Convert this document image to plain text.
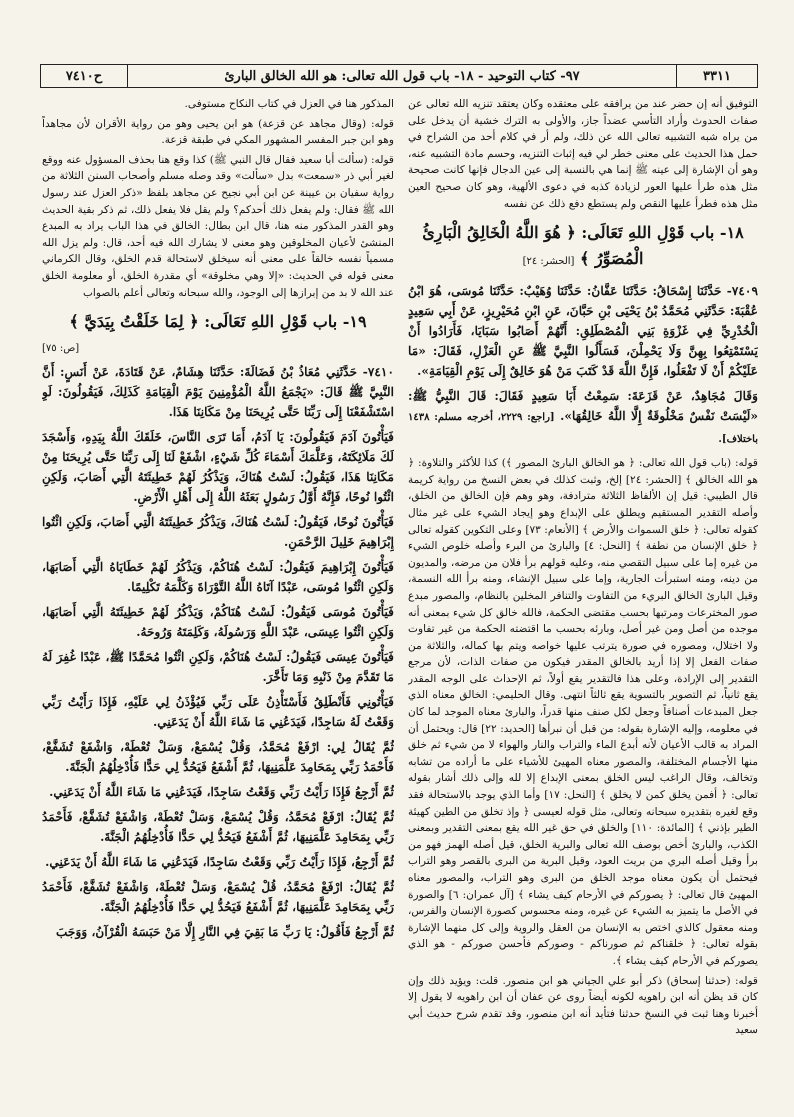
٣٣١١
٩٧- كتاب التوحيد - ١٨- باب قول الله تعالى: هو الله الخالق البارئ
ح٧٤١٠

التوفيق أنه إن حضر عند من يرافقه على معتقده وكان يعتقد تنزيه الله تعالى عن صفات الحدوث وأراد التأسي عضداً جاز، والأولى به الترك خشية أن يدخل على من يراه شبه التشبيه تعالى الله عن ذلك، ولم أر في كلام أحد من الشراح في حمل هذا الحديث على معنى خطر لي فيه إثبات التنزيه، وحسم مادة التشبيه عنه، وهو أن الإشارة إلى عينه ﷺ إنما هي بالنسبة إلى عين الدجال فإنها كانت صحيحة مثل هذه طرأ عليها العور لزيادة كذبه في دعوى الألهية، وهو كان صحيح العين مثل هذه فطرأ عليها النقص ولم يستطع دفع ذلك عن نفسه

١٨- باب قَوْلِ اللهِ تَعَالَى: ﴿ هُوَ اللَّهُ الْخَالِقُ الْبَارِئُ الْمُصَوِّرُ ﴾ [الحشر: ٢٤]

٧٤٠٩- حَدَّثَنَا إِسْحَاقُ: حَدَّثَنَا عَفَّانُ: حَدَّثَنَا وُهَيْبٌ: حَدَّثَنَا مُوسَى، هُوَ ابْنُ عُقْبَةَ: حَدَّثَنِي مُحَمَّدُ بْنُ يَحْيَى بْنِ حَبَّانَ، عَنِ ابْنِ مُحَيْرِيزٍ، عَنْ أَبِي سَعِيدٍ الْخُدْرِيِّ فِي غَزْوَةِ بَنِي الْمُصْطَلِقِ: أَنَّهُمْ أَصَابُوا سَبَايَا، فَأَرَادُوا أَنْ يَسْتَمْتِعُوا بِهِنَّ وَلَا يَحْمِلْنَ، فَسَأَلُوا النَّبِيَّ ﷺ عَنِ الْعَزْلِ، فَقَالَ: «مَا عَلَيْكُمْ أَنْ لَا تَفْعَلُوا، فَإِنَّ اللَّهَ قَدْ كَتَبَ مَنْ هُوَ خَالِقٌ إِلَى يَوْمِ الْقِيَامَةِ».

وَقَالَ مُجَاهِدٌ، عَنْ قَزَعَةَ: سَمِعْتُ أَبَا سَعِيدٍ فَقَالَ: قَالَ النَّبِيُّ ﷺ: «لَيْسَتْ نَفْسٌ مَخْلُوقَةٌ إِلَّا اللَّهُ خَالِقُهَا». [راجع: ٢٢٢٩، أخرجه مسلم: ١٤٣٨ باختلاف].

قوله: (باب قول الله تعالى: ﴿ هو الخالق البارئ المصور ﴾) كذا للأكثر والتلاوة: ﴿ هو الله الخالق ﴾ [الحشر: ٢٤] إلخ، وثبت كذلك في بعض النسخ من رواية كريمة قال الطيبي: قيل إن الألفاظ الثلاثة مترادفة، وهو وهم فإن الخالق من الخلق، وأصله التقدير المستقيم ويطلق على الإبداع وهو إيجاد الشيء على غير مثال كقوله تعالى: ﴿ خلق السموات والأرض ﴾ [الأنعام: ٧٣] وعلى التكوين كقوله تعالى ﴿ خلق الإنسان من نطفة ﴾ [النحل: ٤] والبارئ من البرء وأصله خلوص الشيء من غيره إما على سبيل التقصي منه، وعليه قولهم برأ فلان من مرضه، والمديون من دينه، ومنه استبرأت الجارية، وإما على سبيل الإنشاء، ومنه برأ الله النسمة، وقيل البارئ الخالق البريء من التفاوت والتنافر المخلين بالنظام، والمصور مبدع صور المخترعات ومرتبها بحسب مقتضى الحكمة، فالله خالق كل شيء بمعنى أنه موجده من أصل ومن غير أصل، وبارئه بحسب ما اقتضته الحكمة من غير تفاوت ولا اختلال، ومصوره في صورة يترتب عليها خواصه ويتم بها كماله، والثلاثة من صفات الفعل إلا إذا أريد بالخالق المقدر فيكون من صفات الذات، لأن مرجع التقدير إلى الإرادة، وعلى هذا فالتقدير يقع أولاً، ثم الإحداث على الوجه المقدر يقع ثانياً، ثم التصوير بالتسوية يقع ثالثاً انتهى. وقال الحليمي: الخالق معناه الذي جعل المبدعات أصنافاً وجعل لكل صنف منها قدراً، والبارئ معناه الموجد لما كان في معلومه، وإليه الإشارة بقوله: من قبل أن نبرأها [الحديد: ٢٢] قال: ويحتمل أن المراد به قالب الأعيان لأنه أبدع الماء والتراب والنار والهواء لا من شيء ثم خلق منها الأجسام المختلفة، والمصور معناه المهيئ للأشياء على ما أراده من تشابه وتخالف، وقال الراغب ليس الخلق بمعنى الإبداع إلا لله وإلى ذلك أشار بقوله تعالى: ﴿ أفمن يخلق كمن لا يخلق ﴾ [النحل: ١٧] وأما الذي يوجد بالاستحالة فقد وقع لغيره بتقديره سبحانه وتعالى، مثل قوله لعيسى ﴿ وإذ تخلق من الطين كهيئة الطير بإذني ﴾ [المائدة: ١١٠] والخلق في حق غير الله يقع بمعنى التقدير وبمعنى الكذب، والبارئ أخص بوصف الله تعالى والبرية الخلق، قيل أصله الهمز فهو من برأ وقيل أصله البري من بريت العود، وقيل البرية من البرى بالقصر وهو التراب فيحتمل أن يكون معناه موجد الخلق من البرى وهو التراب، والمصور معناه المهيئ قال تعالى: ﴿ يصوركم في الأرحام كيف يشاء ﴾ [آل عمران: ٦] والصورة في الأصل ما يتميز به الشيء عن غيره، ومنه محسوس كصورة الإنسان والفرس، ومنه معقول كالذي اختص به الإنسان من العقل والروية وإلى كل منهما الإشارة بقوله تعالى: ﴿ خلقناكم ثم صورناكم - وصوركم فأحسن صوركم - هو الذي يصوركم في الأرحام كيف يشاء ﴾.

قوله: (حدثنا إسحاق) ذكر أبو علي الجياني هو ابن منصور. قلت: ويؤيد ذلك وإن كان قد يظن أنه ابن راهويه لكونه أيضاً روى عن عفان أن ابن راهويه لا يقول إلا أخبرنا وهنا ثبت في النسخ حدثنا فتأيد أنه ابن منصور، وقد تقدم شرح حديث أبي سعيد

المذكور هنا في العزل في كتاب النكاح مستوفى.

قوله: (وقال مجاهد عن قزعة) هو ابن يحيى وهو من رواية الأقران لأن مجاهداً وهو ابن جبر المفسر المشهور المكي في طبقة قزعة.

قوله: (سألت أبا سعيد فقال قال النبي ﷺ) كذا وقع هنا بحذف المسؤول عنه ووقع لغير أبي ذر «سمعت» بدل «سألت» وقد وصله مسلم وأصحاب السنن الثلاثة من رواية سفيان بن عيينة عن ابن أبي نجيح عن مجاهد بلفظ «ذكر العزل عند رسول الله ﷺ فقال: ولم يفعل ذلك أحدكم؟ ولم يقل فلا يفعل ذلك، ثم ذكر بقية الحديث وهو القدر المذكور منه هنا، قال ابن بطال: الخالق في هذا الباب يراد به المبدع المنشئ لأعيان المخلوقين وهو معنى لا يشارك الله فيه أحد، قال: ولم يزل الله مسمياً نفسه خالقاً على معنى أنه سيخلق لاستحالة قدم الخلق، وقال الكرماني معنى قوله في الحديث: «إلا وهي مخلوقة» أي مقدرة الخلق، أو معلومة الخلق عند الله لا بد من إبرازها إلى الوجود، والله سبحانه وتعالى أعلم بالصواب

١٩- باب قَوْلِ اللهِ تَعَالَى: ﴿ لِمَا خَلَقْتُ بِيَدَيَّ ﴾

[ص: ٧٥]

٧٤١٠- حَدَّثَنِي مُعَاذُ بْنُ فَضَالَةَ: حَدَّثَنَا هِشَامٌ، عَنْ قَتَادَةَ، عَنْ أَنَسٍ: أَنَّ النَّبِيَّ ﷺ قَالَ: «يَجْمَعُ اللَّهُ الْمُؤْمِنِينَ يَوْمَ الْقِيَامَةِ كَذَلِكَ، فَيَقُولُونَ: لَوِ اسْتَشْفَعْنَا إِلَى رَبِّنَا حَتَّى يُرِيحَنَا مِنْ مَكَانِنَا هَذَا.

فَيَأْتُونَ آدَمَ فَيَقُولُونَ: يَا آدَمُ، أَمَا تَرَى النَّاسَ، خَلَقَكَ اللَّهُ بِيَدِهِ، وَأَسْجَدَ لَكَ مَلَائِكَتَهُ، وَعَلَّمَكَ أَسْمَاءَ كُلِّ شَيْءٍ، اشْفَعْ لَنَا إِلَى رَبِّنَا حَتَّى يُرِيحَنَا مِنْ مَكَانِنَا هَذَا، فَيَقُولُ: لَسْتُ هُنَاكَ، وَيَذْكُرُ لَهُمْ خَطِيئَتَهُ الَّتِي أَصَابَ، وَلَكِنِ ائْتُوا نُوحًا، فَإِنَّهُ أَوَّلُ رَسُولٍ بَعَثَهُ اللَّهُ إِلَى أَهْلِ الْأَرْضِ.

فَيَأْتُونَ نُوحًا، فَيَقُولُ: لَسْتُ هُنَاكَ، وَيَذْكُرُ خَطِيئَتَهُ الَّتِي أَصَابَ، وَلَكِنِ ائْتُوا إِبْرَاهِيمَ خَلِيلَ الرَّحْمَنِ.

فَيَأْتُونَ إِبْرَاهِيمَ فَيَقُولُ: لَسْتُ هُنَاكُمْ، وَيَذْكُرُ لَهُمْ خَطَايَاهُ الَّتِي أَصَابَهَا، وَلَكِنِ ائْتُوا مُوسَى، عَبْدًا آتَاهُ اللَّهُ التَّوْرَاةَ وَكَلَّمَهُ تَكْلِيمًا.

فَيَأْتُونَ مُوسَى فَيَقُولُ: لَسْتُ هُنَاكُمْ، وَيَذْكُرُ لَهُمْ خَطِيئَتَهُ الَّتِي أَصَابَهَا، وَلَكِنِ ائْتُوا عِيسَى، عَبْدَ اللَّهِ وَرَسُولَهُ، وَكَلِمَتَهُ وَرُوحَهُ.

فَيَأْتُونَ عِيسَى فَيَقُولُ: لَسْتُ هُنَاكُمْ، وَلَكِنِ ائْتُوا مُحَمَّدًا ﷺ، عَبْدًا غُفِرَ لَهُ مَا تَقَدَّمَ مِنْ ذَنْبِهِ وَمَا تَأَخَّرَ.

فَيَأْتُونِي فَأَنْطَلِقُ فَأَسْتَأْذِنُ عَلَى رَبِّي فَيُؤْذَنُ لِي عَلَيْهِ، فَإِذَا رَأَيْتُ رَبِّي وَقَعْتُ لَهُ سَاجِدًا، فَيَدَعُنِي مَا شَاءَ اللَّهُ أَنْ يَدَعَنِي.

ثُمَّ يُقَالُ لِي: ارْفَعْ مُحَمَّدُ، وَقُلْ يُسْمَعْ، وَسَلْ تُعْطَهْ، وَاشْفَعْ تُشَفَّعْ، فَأَحْمَدُ رَبِّي بِمَحَامِدَ عَلَّمَنِيهَا، ثُمَّ أَشْفَعُ فَيَحُدُّ لِي حَدًّا فَأُدْخِلُهُمُ الْجَنَّةَ.

ثُمَّ أَرْجِعُ فَإِذَا رَأَيْتُ رَبِّي وَقَعْتُ سَاجِدًا، فَيَدَعُنِي مَا شَاءَ اللَّهُ أَنْ يَدَعَنِي.

ثُمَّ يُقَالُ: ارْفَعْ مُحَمَّدُ، وَقُلْ يُسْمَعْ، وَسَلْ تُعْطَهْ، وَاشْفَعْ تُشَفَّعْ، فَأَحْمَدُ رَبِّي بِمَحَامِدَ عَلَّمَنِيهَا، ثُمَّ أَشْفَعُ فَيَحُدُّ لِي حَدًّا فَأُدْخِلُهُمُ الْجَنَّةَ.

ثُمَّ أَرْجِعُ، فَإِذَا رَأَيْتُ رَبِّي وَقَعْتُ سَاجِدًا، فَيَدَعُنِي مَا شَاءَ اللَّهُ أَنْ يَدَعَنِي.

ثُمَّ يُقَالُ: ارْفَعْ مُحَمَّدُ، قُلْ يُسْمَعْ، وَسَلْ تُعْطَهْ، وَاشْفَعْ تُشَفَّعْ، فَأَحْمَدُ رَبِّي بِمَحَامِدَ عَلَّمَنِيهَا، ثُمَّ أَشْفَعُ فَيَحُدُّ لِي حَدًّا فَأُدْخِلُهُمُ الْجَنَّةَ.

ثُمَّ أَرْجِعُ فَأَقُولُ: يَا رَبِّ مَا بَقِيَ فِي النَّارِ إِلَّا مَنْ حَبَسَهُ الْقُرْآنُ، وَوَجَبَ
